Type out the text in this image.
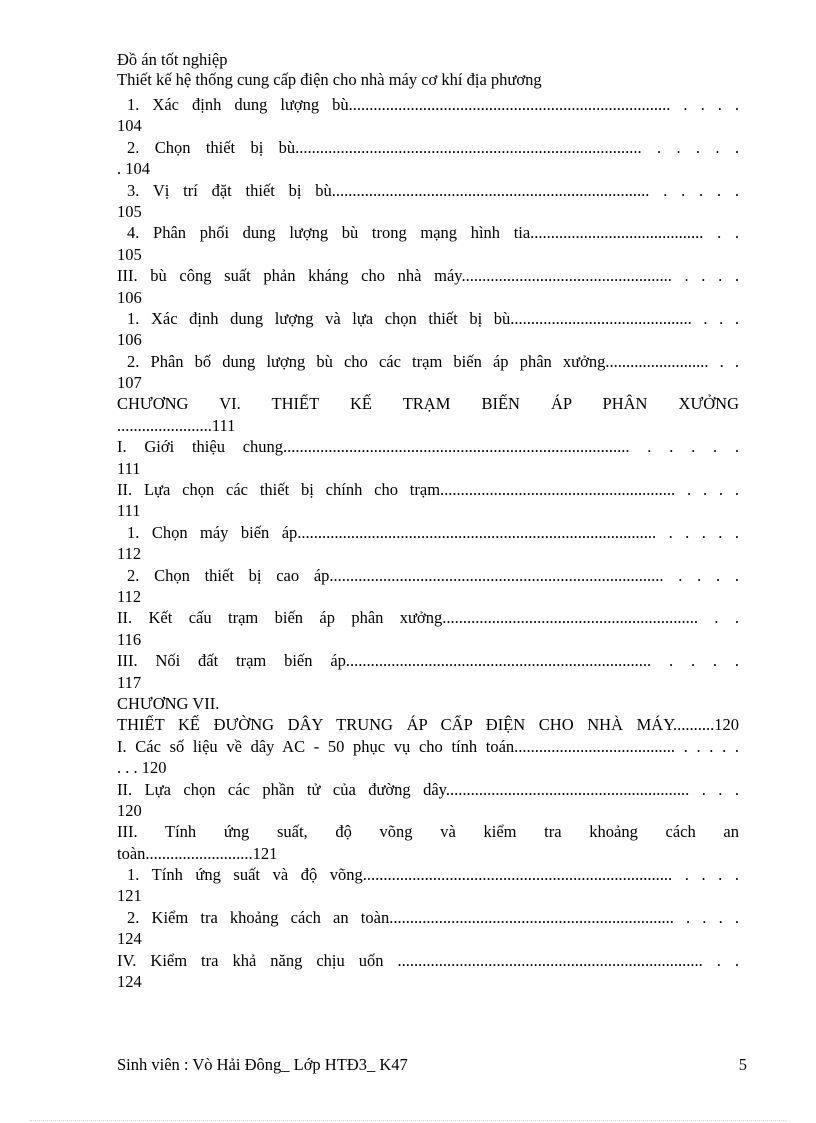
Đồ án tốt nghiệp
Thiết kế hệ thống cung cấp điện cho nhà máy cơ khí địa phương
1. Xác định dung lượng bù.............................................................................. . . . .
104
2. Chọn thiết bị bù.................................................................................... . . . . .
. 104
3. Vị trí đặt thiết bị bù............................................................................. . . . . .
105
4. Phân phối dung lượng bù trong mạng hình tia.......................................... . .
105
III. bù công suất phản kháng cho nhà máy................................................... . . . .
106
1. Xác định dung lượng và lựa chọn thiết bị bù............................................ . . .
106
2. Phân bố dung lượng bù cho các trạm biến áp phân xưởng......................... . .
107
CHƯƠNG VI. THIẾT KẾ TRẠM BIẾN ÁP PHÂN XƯỞNG
.......................111
I. Giới thiệu chung.................................................................................... . . . . .
111
II. Lựa chọn các thiết bị chính cho trạm......................................................... . . . .
111
1. Chọn máy biến áp....................................................................................... . . . . .
112
2. Chọn thiết bị cao áp................................................................................. . . . .
112
II. Kết cấu trạm biến áp phân xưởng.............................................................. . .
116
III. Nối đất trạm biến áp.......................................................................... . . . .
117
CHƯƠNG VII.
THIẾT KẾ ĐƯỜNG DÂY TRUNG ÁP CẤP ĐIỆN CHO NHÀ MÁY..........120
I. Các số liệu về dây AC - 50 phục vụ cho tính toán....................................... . . . . .
. . . 120
II. Lựa chọn các phần tử của đường dây........................................................... . . .
120
III. Tính ứng suất, độ võng và kiểm tra khoảng cách an
toàn..........................121
1. Tính ứng suất và độ võng........................................................................... . . . .
121
2. Kiểm tra khoảng cách an toàn..................................................................... . . . .
124
IV. Kiểm tra khả năng chịu uốn .......................................................................... . .
124
Sinh viên : Vò Hải Đông_ Lớp HTĐ3_ K47	5
